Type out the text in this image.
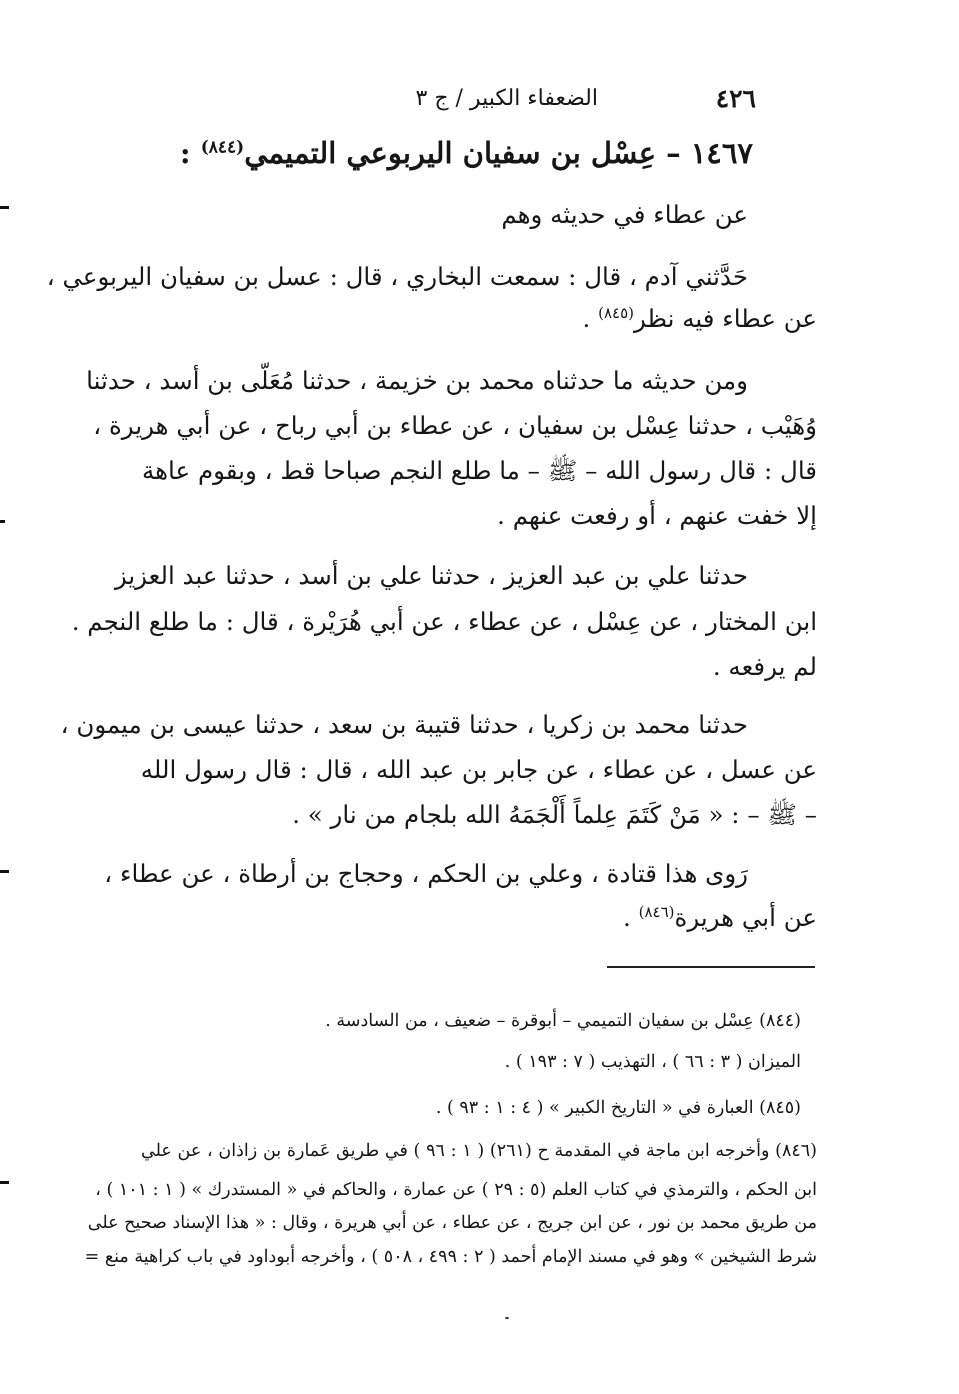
٤٢٦
الضعفاء الكبير / ج ٣
١٤٦٧ – عِسْل بن سفيان اليربوعي التميمي$^{(٨٤٤)}$ :
عن عطاء في حديثه وهم
حَدَّثني آدم ، قال : سمعت البخاري ، قال : عسل بن سفيان اليربوعي ،
عن عطاء فيه نظر$^{(٨٤٥)}$ .
ومن حديثه ما حدثناه محمد بن خزيمة ، حدثنا مُعَلّى بن أسد ، حدثنا
وُهَيْب ، حدثنا عِسْل بن سفيان ، عن عطاء بن أبي رباح ، عن أبي هريرة ،
قال : قال رسول الله – ﷺ – ما طلع النجم صباحا قط ، وبقوم عاهة
إلا خفت عنهم ، أو رفعت عنهم .
حدثنا علي بن عبد العزيز ، حدثنا علي بن أسد ، حدثنا عبد العزيز
ابن المختار ، عن عِسْل ، عن عطاء ، عن أبي هُرَيْرة ، قال : ما طلع النجم .
لم يرفعه .
حدثنا محمد بن زكريا ، حدثنا قتيبة بن سعد ، حدثنا عيسى بن ميمون ،
عن عسل ، عن عطاء ، عن جابر بن عبد الله ، قال : قال رسول الله
– ﷺ – : « مَنْ كَتَمَ عِلماً أَلْجَمَهُ الله بلجام من نار » .
رَوى هذا قتادة ، وعلي بن الحكم ، وحجاج بن أرطاة ، عن عطاء ،
عن أبي هريرة$^{(٨٤٦)}$ .
(٨٤٤) عِسْل بن سفيان التميمي – أبوقرة – ضعيف ، من السادسة .
الميزان ( ٣ : ٦٦ ) ، التهذيب ( ٧ : ١٩٣ ) .
(٨٤٥) العبارة في « التاريخ الكبير » ( ٤ : ١ : ٩٣ ) .
(٨٤٦) وأخرجه ابن ماجة في المقدمة ح (٢٦١) ( ١ : ٩٦ ) في طريق عَمارة بن زاذان ، عن علي
ابن الحكم ، والترمذي في كتاب العلم (٥ : ٢٩ ) عن عمارة ، والحاكم في « المستدرك » ( ١ : ١٠١ ) ،
من طريق محمد بن نور ، عن ابن جريج ، عن عطاء ، عن أبي هريرة ، وقال : « هذا الإسناد صحيح على
شرط الشيخين » وهو في مسند الإمام أحمد ( ٢ : ٤٩٩ ، ٥٠٨ ) ، وأخرجه أبوداود في باب كراهية منع =
